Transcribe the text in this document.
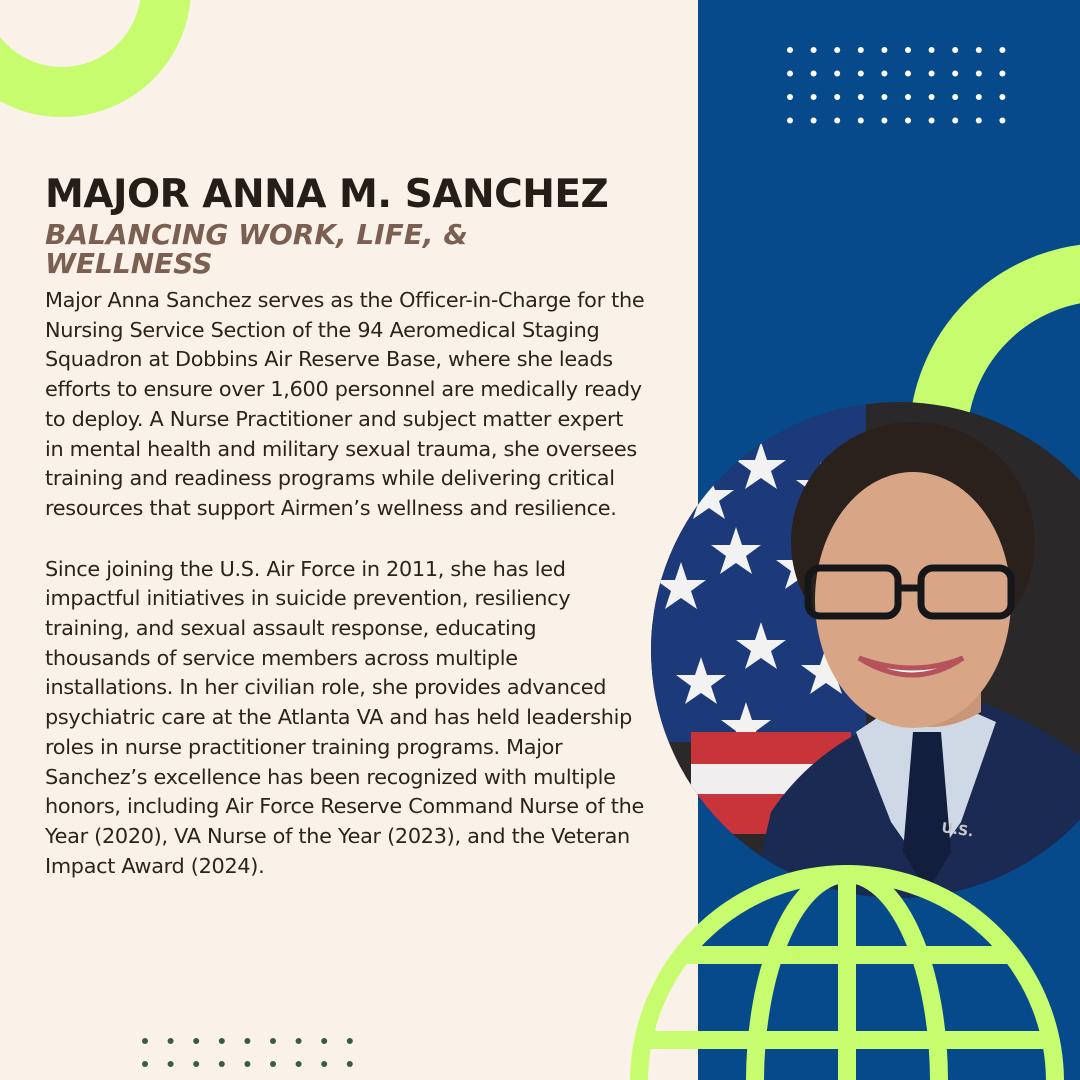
U.S.
MAJOR ANNA M. SANCHEZ
BALANCING WORK, LIFE, & WELLNESS

Major Anna Sanchez serves as the Officer-in-Charge for the Nursing Service Section of the 94 Aeromedical Staging Squadron at Dobbins Air Reserve Base, where she leads efforts to ensure over 1,600 personnel are medically ready to deploy. A Nurse Practitioner and subject matter expert in mental health and military sexual trauma, she oversees training and readiness programs while delivering critical resources that support Airmen’s wellness and resilience.

Since joining the U.S. Air Force in 2011, she has led impactful initiatives in suicide prevention, resiliency training, and sexual assault response, educating thousands of service members across multiple installations. In her civilian role, she provides advanced psychiatric care at the Atlanta VA and has held leadership roles in nurse practitioner training programs. Major Sanchez’s excellence has been recognized with multiple honors, including Air Force Reserve Command Nurse of the Year (2020), VA Nurse of the Year (2023), and the Veteran Impact Award (2024).
